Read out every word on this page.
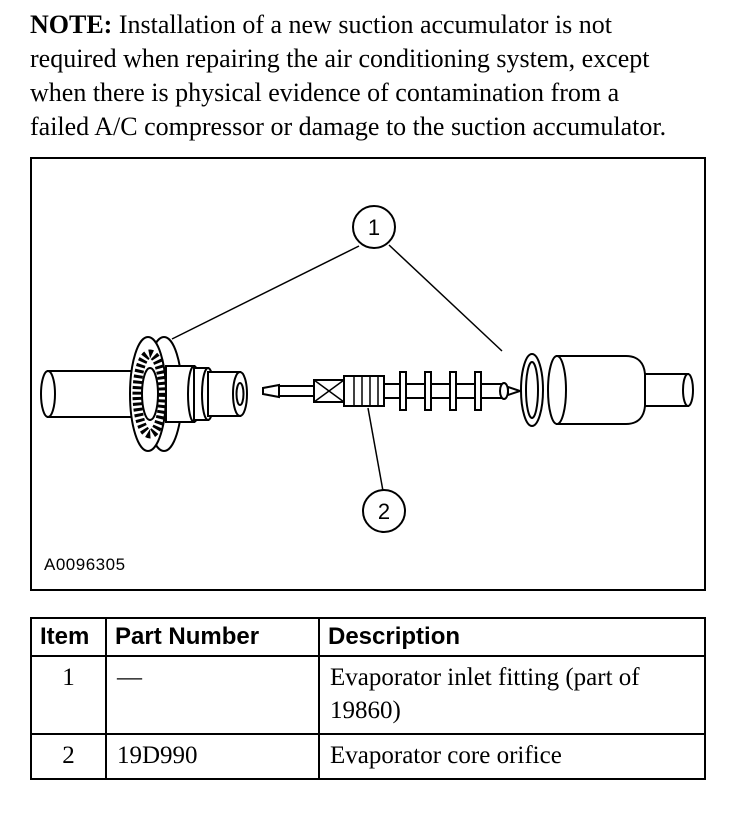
NOTE: Installation of a new suction accumulator is not required when repairing the air conditioning system, except when there is physical evidence of contamination from a failed A/C compressor or damage to the suction accumulator.

1
2
A0096305
Item	Part Number	Description
1	—	Evaporator inlet fitting (part of 19860)
2	19D990	Evaporator core orifice
